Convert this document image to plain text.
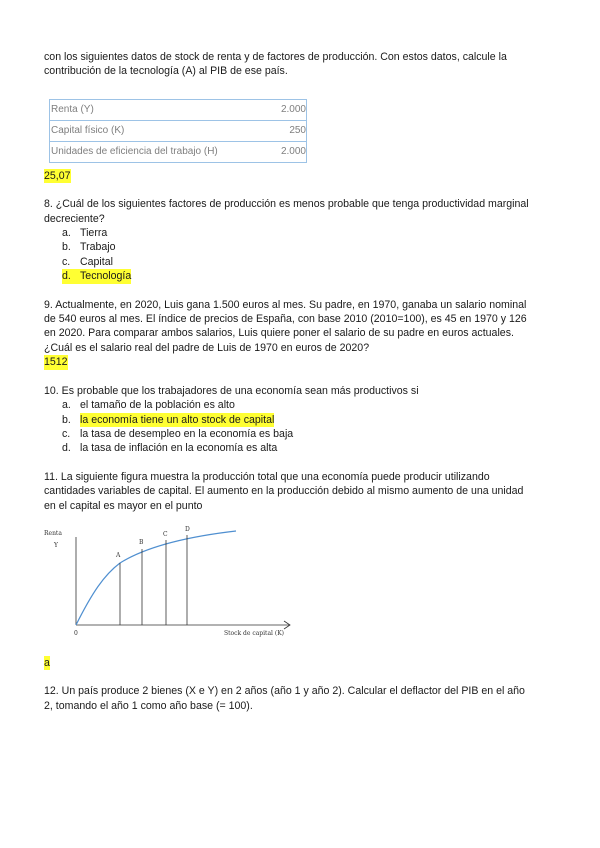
con los siguientes datos de stock de renta y de factores de producción. Con estos datos, calcule la

contribución de la tecnología (A) al PIB de ese país.

Renta (Y)	2.000
Capital físico (K)	250
Unidades de eficiencia del trabajo (H)	2.000

25,07

8. ¿Cuál de los siguientes factores de producción es menos probable que tenga productividad marginal

decreciente?

a. Tierra
b. Trabajo
c. Capital
d. Tecnología

9. Actualmente, en 2020, Luis gana 1.500 euros al mes. Su padre, en 1970, ganaba un salario nominal

de 540 euros al mes. El índice de precios de España, con base 2010 (2010=100), es 45 en 1970 y 126

en 2020. Para comparar ambos salarios, Luis quiere poner el salario de su padre en euros actuales.

¿Cuál es el salario real del padre de Luis de 1970 en euros de 2020?

1512

10. Es probable que los trabajadores de una economía sean más productivos si

a. el tamaño de la población es alto
b. la economía tiene un alto stock de capital
c. la tasa de desempleo en la economía es baja
d. la tasa de inflación en la economía es alta

11. La siguiente figura muestra la producción total que una economía puede producir utilizando

cantidades variables de capital. El aumento en la producción debido al mismo aumento de una unidad

en el capital es mayor en el punto

Renta
Y
A
B
C
D
0	Stock de capital (K)

a

12. Un país produce 2 bienes (X e Y) en 2 años (año 1 y año 2). Calcular el deflactor del PIB en el año

2, tomando el año 1 como año base (= 100).
